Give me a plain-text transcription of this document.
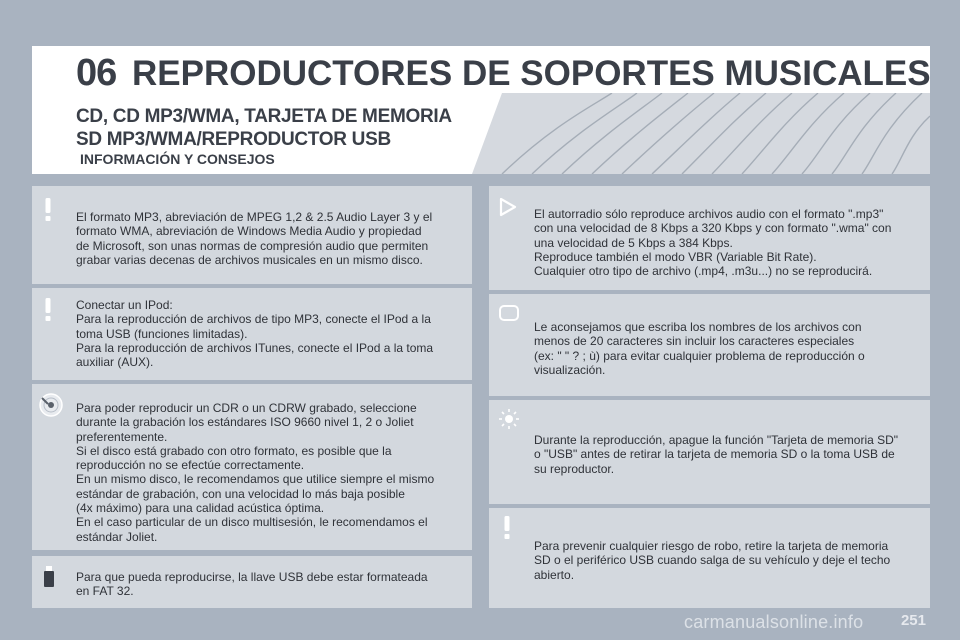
06 REPRODUCTORES DE SOPORTES MUSICALES
CD, CD MP3/WMA, TARJETA DE MEMORIA
SD MP3/WMA/REPRODUCTOR USB
INFORMACIÓN Y CONSEJOS
El formato MP3, abreviación de MPEG 1,2 & 2.5 Audio Layer 3 y el
formato WMA, abreviación de Windows Media Audio y propiedad
de Microsoft, son unas normas de compresión audio que permiten
grabar varias decenas de archivos musicales en un mismo disco.
Conectar un IPod:
Para la reproducción de archivos de tipo MP3, conecte el IPod a la
toma USB (funciones limitadas).
Para la reproducción de archivos ITunes, conecte el IPod a la toma
auxiliar (AUX).
Para poder reproducir un CDR o un CDRW grabado, seleccione
durante la grabación los estándares ISO 9660 nivel 1, 2 o Joliet
preferentemente.
Si el disco está grabado con otro formato, es posible que la
reproducción no se efectúe correctamente.
En un mismo disco, le recomendamos que utilice siempre el mismo
estándar de grabación, con una velocidad lo más baja posible
(4x máximo) para una calidad acústica óptima.
En el caso particular de un disco multisesión, le recomendamos el
estándar Joliet.
Para que pueda reproducirse, la llave USB debe estar formateada
en FAT 32.
El autorradio sólo reproduce archivos audio con el formato ".mp3"
con una velocidad de 8 Kbps a 320 Kbps y con formato ".wma" con
una velocidad de 5 Kbps a 384 Kbps.
Reproduce también el modo VBR (Variable Bit Rate).
Cualquier otro tipo de archivo (.mp4, .m3u...) no se reproducirá.
Le aconsejamos que escriba los nombres de los archivos con
menos de 20 caracteres sin incluir los caracteres especiales
(ex: " " ? ; ù) para evitar cualquier problema de reproducción o
visualización.
Durante la reproducción, apague la función "Tarjeta de memoria SD"
o "USB" antes de retirar la tarjeta de memoria SD o la toma USB de
su reproductor.
Para prevenir cualquier riesgo de robo, retire la tarjeta de memoria
SD o el periférico USB cuando salga de su vehículo y deje el techo
abierto.
carmanualsonline.info	251
